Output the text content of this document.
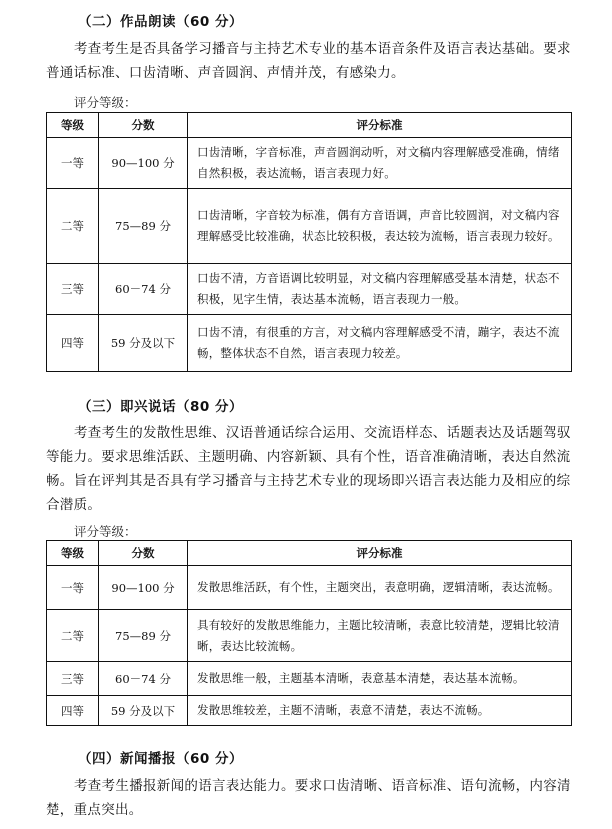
（二）作品朗读（60 分）

考查考生是否具备学习播音与主持艺术专业的基本语音条件及语言表达基础。要求普通话标准、口齿清晰、声音圆润、声情并茂，有感染力。

评分等级：
等级	分数	评分标准
一等	90—100 分	口齿清晰，字音标准，声音圆润动听，对文稿内容理解感受准确，情绪自然积极，表达流畅，语言表现力好。
二等	75—89 分	口齿清晰，字音较为标准，偶有方音语调，声音比较圆润，对文稿内容理解感受比较准确，状态比较积极，表达较为流畅，语言表现力较好。
三等	60－74 分	口齿不清，方音语调比较明显，对文稿内容理解感受基本清楚，状态不积极，见字生情，表达基本流畅，语言表现力一般。
四等	59 分及以下	口齿不清，有很重的方言，对文稿内容理解感受不清，蹦字，表达不流畅，整体状态不自然，语言表现力较差。
（三）即兴说话（80 分）

考查考生的发散性思维、汉语普通话综合运用、交流语样态、话题表达及话题驾驭等能力。要求思维活跃、主题明确、内容新颖、具有个性，语音准确清晰，表达自然流畅。旨在评判其是否具有学习播音与主持艺术专业的现场即兴语言表达能力及相应的综合潜质。

评分等级：
等级	分数	评分标准
一等	90—100 分	发散思维活跃，有个性，主题突出，表意明确，逻辑清晰，表达流畅。
二等	75—89 分	具有较好的发散思维能力，主题比较清晰，表意比较清楚，逻辑比较清晰，表达比较流畅。
三等	60－74 分	发散思维一般，主题基本清晰，表意基本清楚，表达基本流畅。
四等	59 分及以下	发散思维较差，主题不清晰，表意不清楚，表达不流畅。
（四）新闻播报（60 分）

考查考生播报新闻的语言表达能力。要求口齿清晰、语音标准、语句流畅，内容清楚，重点突出。
